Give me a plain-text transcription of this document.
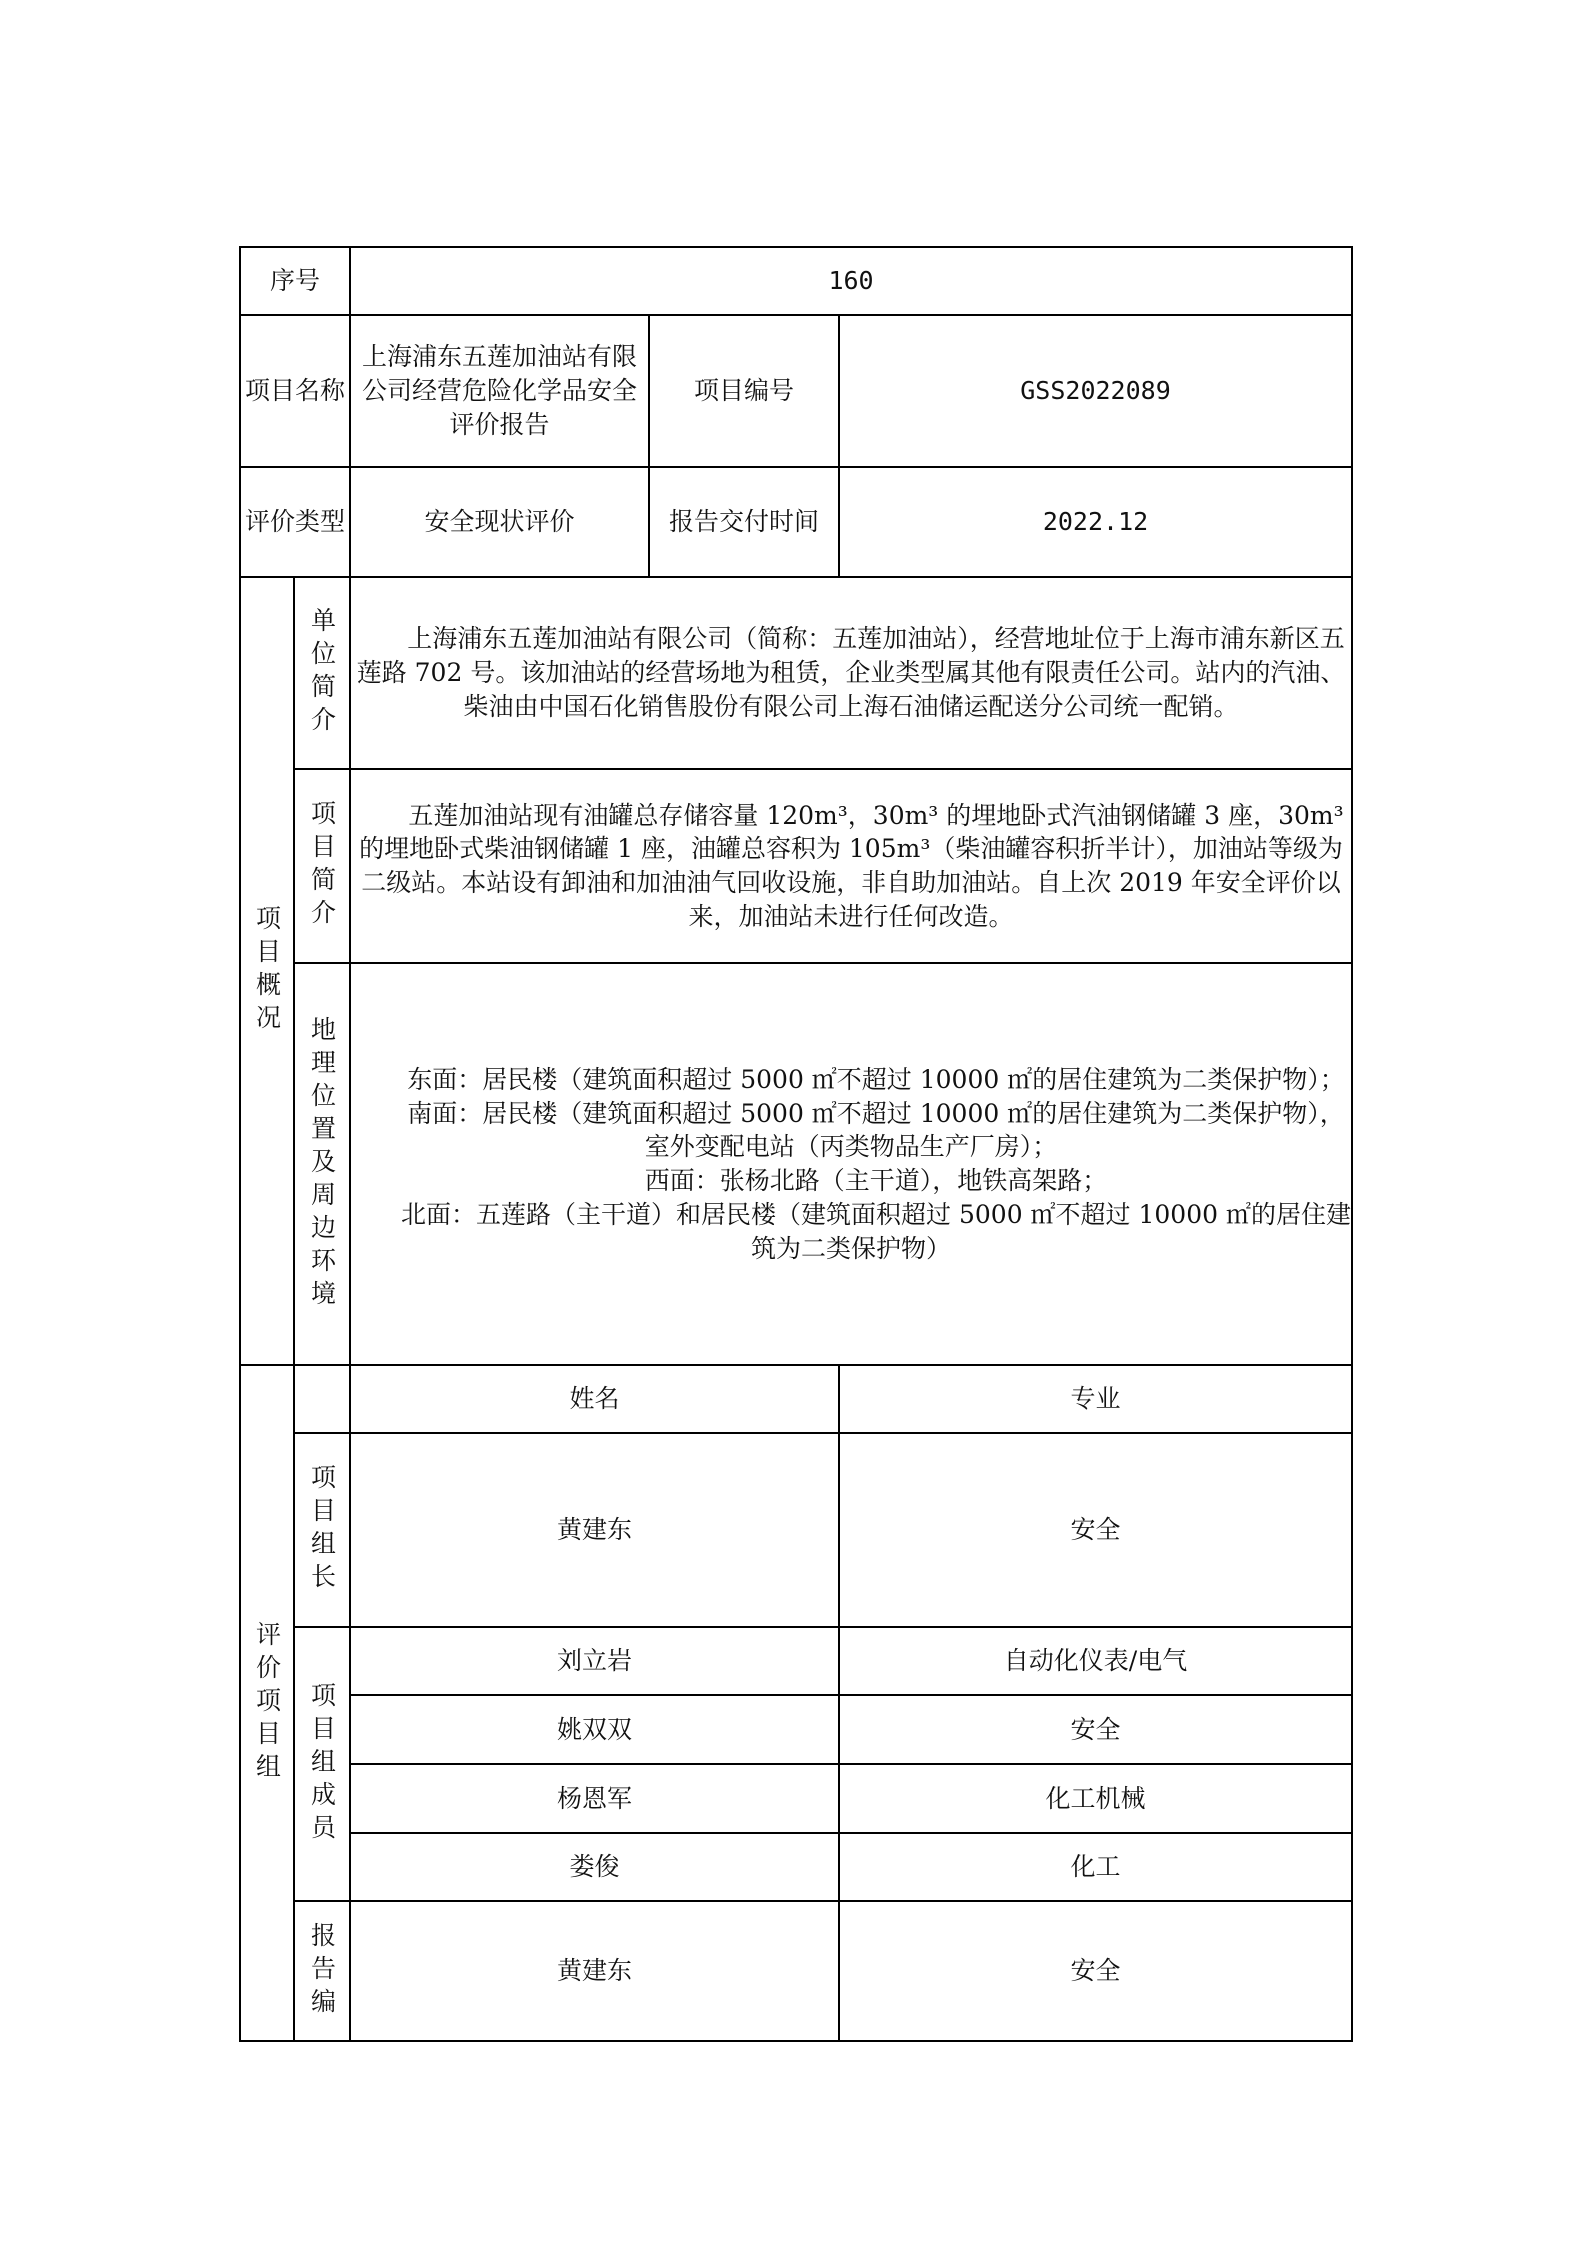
序号		160		
项目名称		上海浦东五莲加油站有限公司经营危险化学品安全评价报告	项目编号	GSS2022089
评价类型		安全现状评价	报告交付时间	2022.12

项目概况	单位简介	上海浦东五莲加油站有限公司（简称：五莲加油站），经营地址位于上海市浦东新区五莲路 702 号。该加油站的经营场地为租赁，企业类型属其他有限责任公司。站内的汽油、柴油由中国石化销售股份有限公司上海石油储运配送分公司统一配销。		

	项目简介	五莲加油站现有油罐总存储容量 120m³，30m³ 的埋地卧式汽油钢储罐 3 座，30m³ 的埋地卧式柴油钢储罐 1 座，油罐总容积为 105m³（柴油罐容积折半计），加油站等级为二级站。本站设有卸油和加油油气回收设施，非自助加油站。自上次 2019 年安全评价以来，加油站未进行任何改造。		

	地理位置及周边环境	东面：居民楼（建筑面积超过 5000 ㎡不超过 10000 ㎡的居住建筑为二类保护物）；

南面：居民楼（建筑面积超过 5000 ㎡不超过 10000 ㎡的居住建筑为二类保护物），室外变配电站（丙类物品生产厂房）；

西面：张杨北路（主干道），地铁高架路；

北面：五莲路（主干道）和居民楼（建筑面积超过 5000 ㎡不超过 10000 ㎡的居住建筑为二类保护物）		

评价项目组		姓名		专业

	项目组长	黄建东		安全

	项目组成员	刘立岩		自动化仪表/电气
		姚双双		安全
		杨恩军		化工机械
		娄俊		化工

	报告编	黄建东		安全
